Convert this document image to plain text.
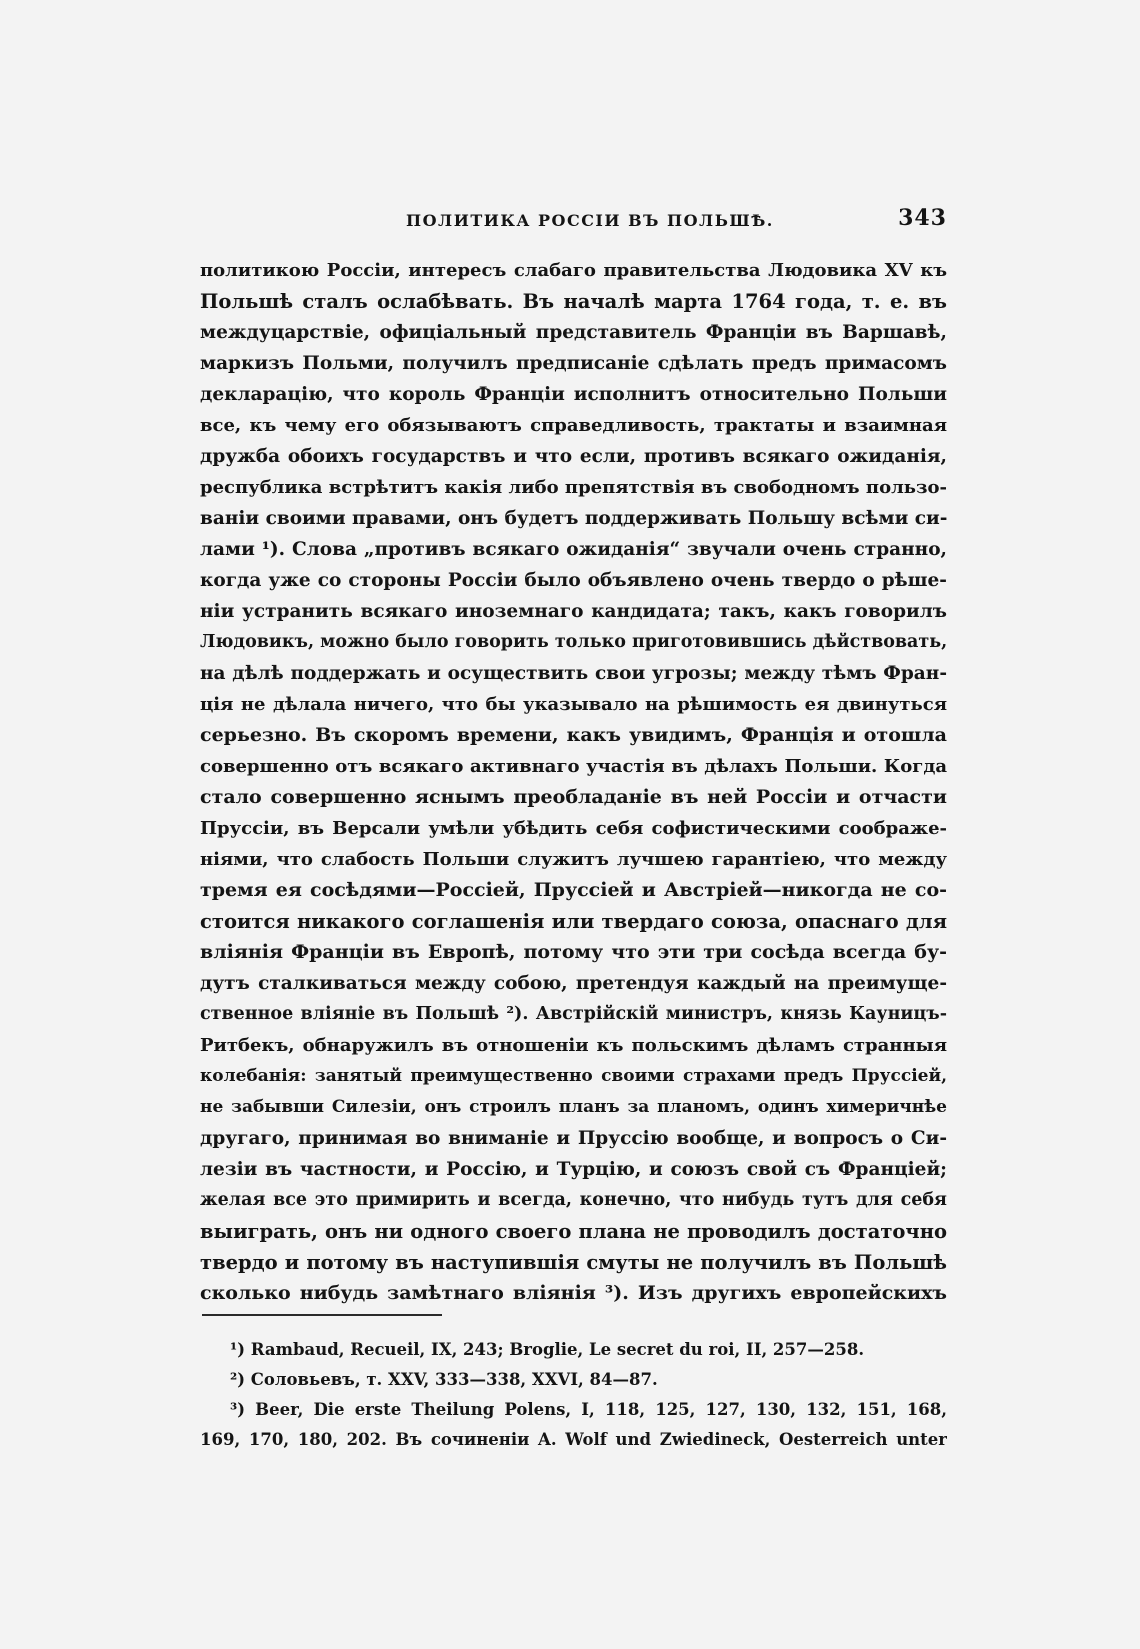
ПОЛИТИКА РОССІИ ВЪ ПОЛЬШѢ.	343
политикою Россіи, интересъ слабаго правительства Людовика XV къ
Польшѣ сталъ ослабѣвать. Въ началѣ марта 1764 года, т. е. въ
междуцарствіе, офиціальный представитель Франціи въ Варшавѣ,
маркизъ Польми, получилъ предписаніе сдѣлать предъ примасомъ
декларацію, что король Франціи исполнитъ относительно Польши
все, къ чему его обязываютъ справедливость, трактаты и взаимная
дружба обоихъ государствъ и что если, противъ всякаго ожиданія,
республика встрѣтитъ какія либо препятствія въ свободномъ пользо-
ваніи своими правами, онъ будетъ поддерживать Польшу всѣми си-
лами ¹). Слова „противъ всякаго ожиданія“ звучали очень странно,
когда уже со стороны Россіи было объявлено очень твердо о рѣше-
ніи устранить всякаго иноземнаго кандидата; такъ, какъ говорилъ
Людовикъ, можно было говорить только приготовившись дѣйствовать,
на дѣлѣ поддержать и осуществить свои угрозы; между тѣмъ Фран-
ція не дѣлала ничего, что бы указывало на рѣшимость ея двинуться
серьезно. Въ скоромъ времени, какъ увидимъ, Франція и отошла
совершенно отъ всякаго активнаго участія въ дѣлахъ Польши. Когда
стало совершенно яснымъ преобладаніе въ ней Россіи и отчасти
Пруссіи, въ Версали умѣли убѣдить себя софистическими соображе-
ніями, что слабость Польши служитъ лучшею гарантіею, что между
тремя ея сосѣдями—Россіей, Пруссіей и Австріей—никогда не со-
стоится никакого соглашенія или твердаго союза, опаснаго для
вліянія Франціи въ Европѣ, потому что эти три сосѣда всегда бу-
дутъ сталкиваться между собою, претендуя каждый на преимуще-
ственное вліяніе въ Польшѣ ²). Австрійскій министръ, князь Кауницъ-
Ритбекъ, обнаружилъ въ отношеніи къ польскимъ дѣламъ странныя
колебанія: занятый преимущественно своими страхами предъ Пруссіей,
не забывши Силезіи, онъ строилъ планъ за планомъ, одинъ химеричнѣе
другаго, принимая во вниманіе и Пруссію вообще, и вопросъ о Си-
лезіи въ частности, и Россію, и Турцію, и союзъ свой съ Франціей;
желая все это примирить и всегда, конечно, что нибудь тутъ для себя
выиграть, онъ ни одного своего плана не проводилъ достаточно
твердо и потому въ наступившія смуты не получилъ въ Польшѣ
сколько нибудь замѣтнаго вліянія ³). Изъ другихъ европейскихъ
¹) Rambaud, Recueil, IX, 243; Broglie, Le secret du roi, II, 257—258.
²) Соловьевъ, т. XXV, 333—338, XXVI, 84—87.
³) Beer, Die erste Theilung Polens, I, 118, 125, 127, 130, 132, 151, 168,
169, 170, 180, 202. Въ сочиненіи A. Wolf und Zwiedineck, Oesterreich unter
